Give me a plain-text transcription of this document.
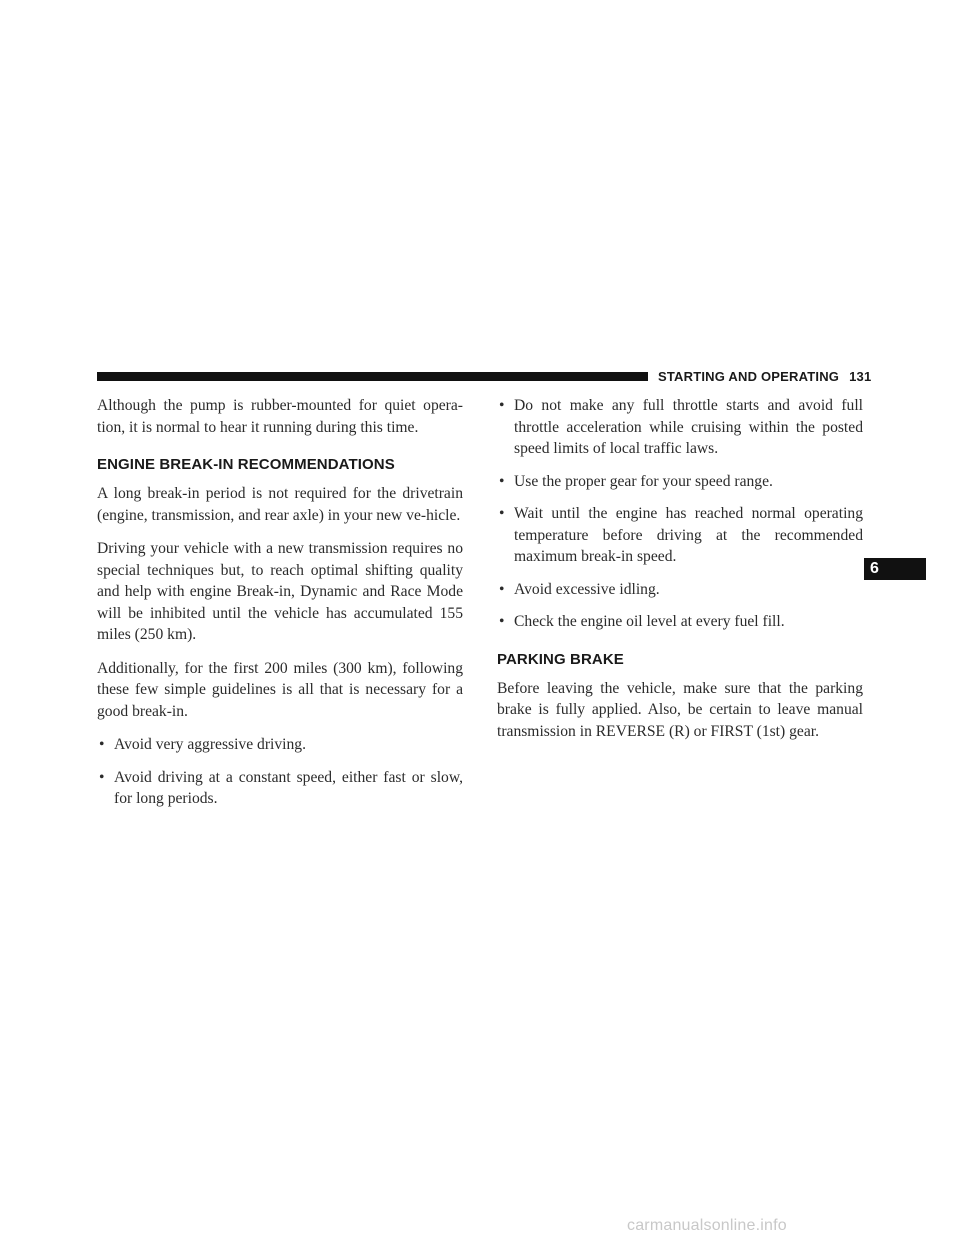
STARTING AND OPERATING 131

Although the pump is rubber-mounted for quiet opera-tion, it is normal to hear it running during this time.

ENGINE BREAK-IN RECOMMENDATIONS

A long break-in period is not required for the drivetrain (engine, transmission, and rear axle) in your new ve-hicle.

Driving your vehicle with a new transmission requires no special techniques but, to reach optimal shifting quality and help with engine Break-in, Dynamic and Race Mode will be inhibited until the vehicle has accumulated 155 miles (250 km).

Additionally, for the first 200 miles (300 km), following these few simple guidelines is all that is necessary for a good break-in.

• Avoid very aggressive driving.
• Avoid driving at a constant speed, either fast or slow, for long periods.
• Do not make any full throttle starts and avoid full throttle acceleration while cruising within the posted speed limits of local traffic laws.
• Use the proper gear for your speed range.
• Wait until the engine has reached normal operating temperature before driving at the recommended maximum break-in speed.
• Avoid excessive idling.
• Check the engine oil level at every fuel fill.
PARKING BRAKE

Before leaving the vehicle, make sure that the parking brake is fully applied. Also, be certain to leave manual transmission in REVERSE (R) or FIRST (1st) gear.

6
carmanualsonline.info
